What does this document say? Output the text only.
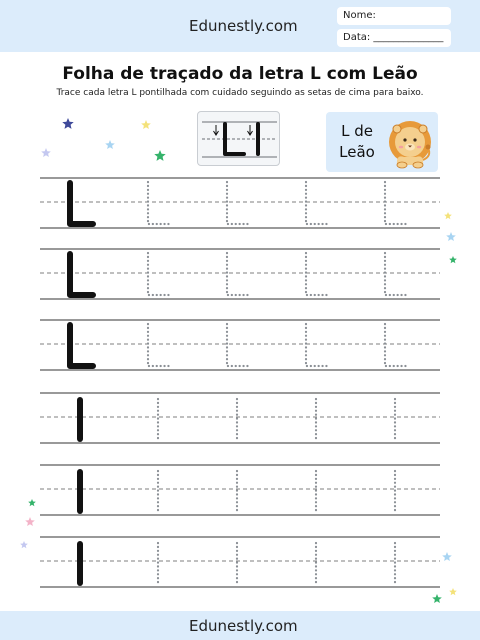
Edunestly.com
Nome:
Data: ______________
Folha de traçado da letra L com Leão
Trace cada letra L pontilhada com cuidado seguindo as setas de cima para baixo.
L de
Leão
Edunestly.com
